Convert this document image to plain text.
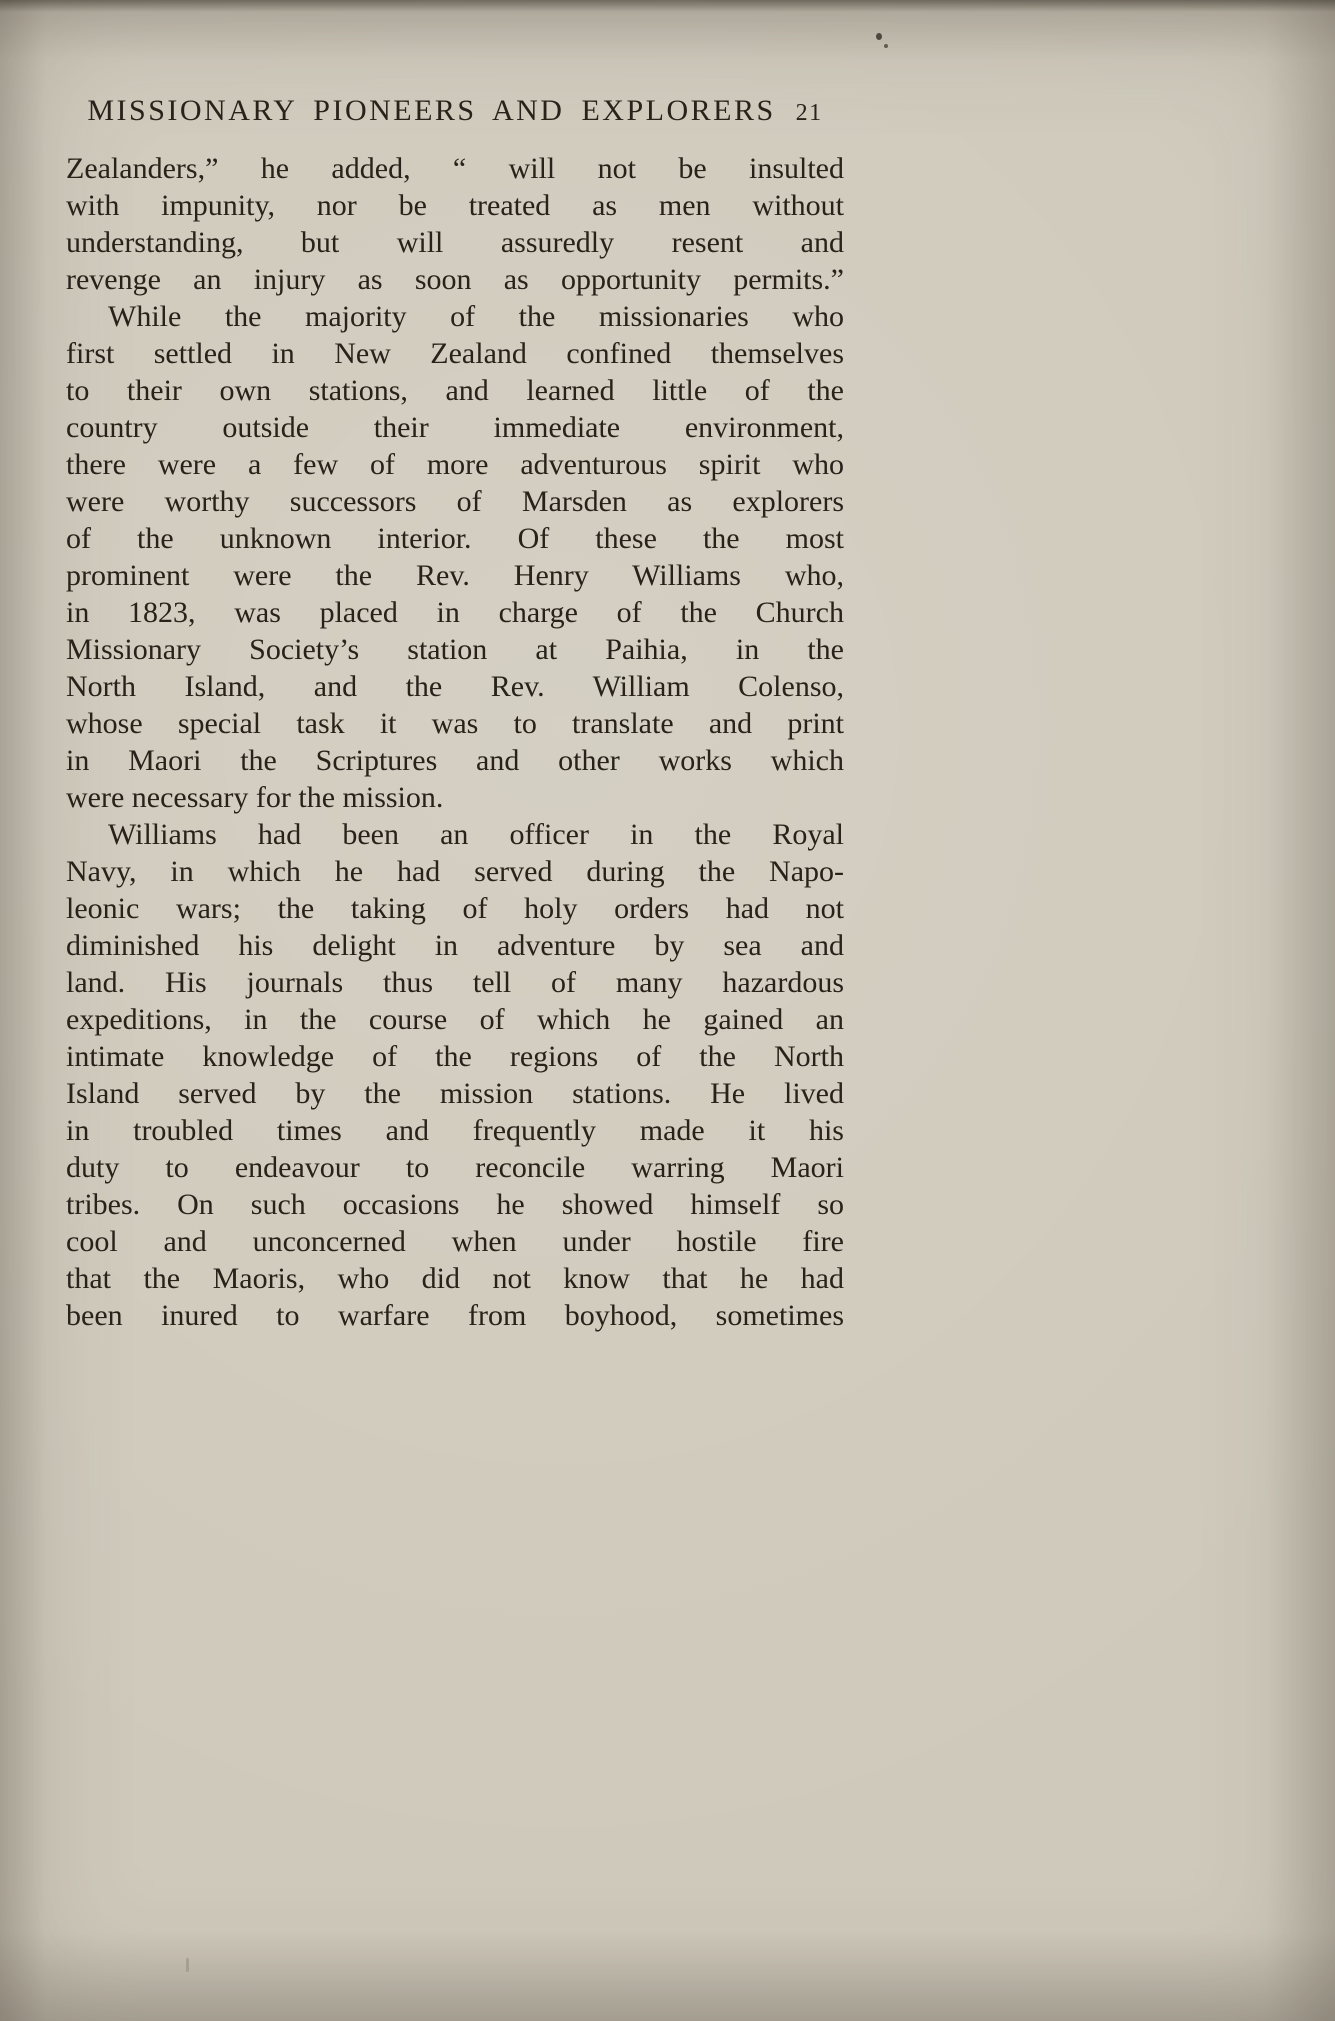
MISSIONARY PIONEERS AND EXPLORERS 21
Zealanders,” he added, “ will not be insulted
with impunity, nor be treated as men without
understanding, but will assuredly resent and
revenge an injury as soon as opportunity permits.”
While the majority of the missionaries who
first settled in New Zealand confined themselves
to their own stations, and learned little of the
country outside their immediate environment,
there were a few of more adventurous spirit who
were worthy successors of Marsden as explorers
of the unknown interior. Of these the most
prominent were the Rev. Henry Williams who,
in 1823, was placed in charge of the Church
Missionary Society’s station at Paihia, in the
North Island, and the Rev. William Colenso,
whose special task it was to translate and print
in Maori the Scriptures and other works which
were necessary for the mission.
Williams had been an officer in the Royal
Navy, in which he had served during the Napo-
leonic wars; the taking of holy orders had not
diminished his delight in adventure by sea and
land. His journals thus tell of many hazardous
expeditions, in the course of which he gained an
intimate knowledge of the regions of the North
Island served by the mission stations. He lived
in troubled times and frequently made it his
duty to endeavour to reconcile warring Maori
tribes. On such occasions he showed himself so
cool and unconcerned when under hostile fire
that the Maoris, who did not know that he had
been inured to warfare from boyhood, sometimes
